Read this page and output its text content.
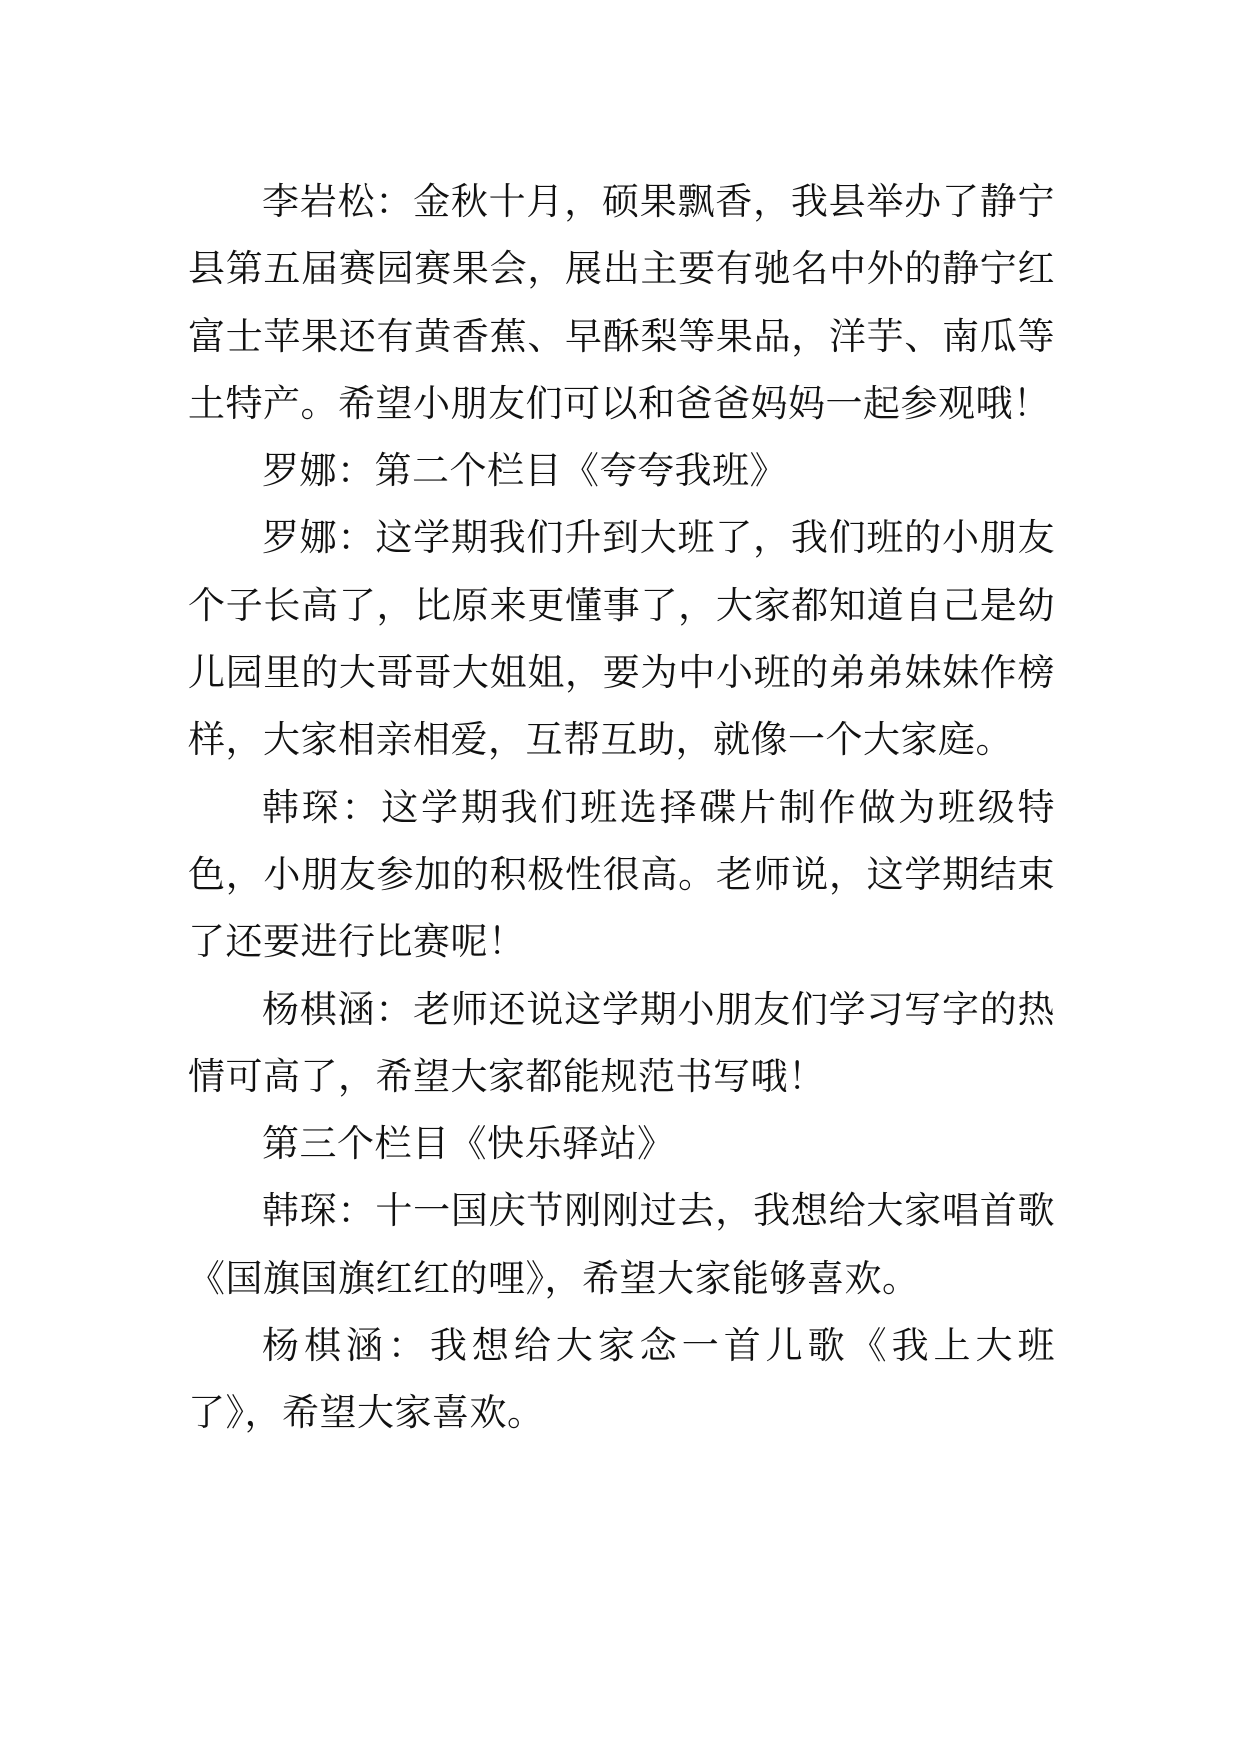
李岩松：金秋十月，硕果飘香，我县举办了静宁县第五届赛园赛果会，展出主要有驰名中外的静宁红富士苹果还有黄香蕉、早酥梨等果品，洋芋、南瓜等土特产。希望小朋友们可以和爸爸妈妈一起参观哦！

罗娜：第二个栏目《夸夸我班》

罗娜：这学期我们升到大班了，我们班的小朋友个子长高了，比原来更懂事了，大家都知道自己是幼儿园里的大哥哥大姐姐，要为中小班的弟弟妹妹作榜样，大家相亲相爱，互帮互助，就像一个大家庭。

韩琛：这学期我们班选择碟片制作做为班级特色，小朋友参加的积极性很高。老师说，这学期结束了还要进行比赛呢！

杨棋涵：老师还说这学期小朋友们学习写字的热情可高了，希望大家都能规范书写哦！

第三个栏目《快乐驿站》

韩琛：十一国庆节刚刚过去，我想给大家唱首歌《国旗国旗红红的哩》，希望大家能够喜欢。

杨棋涵：我想给大家念一首儿歌《我上大班了》，希望大家喜欢。
